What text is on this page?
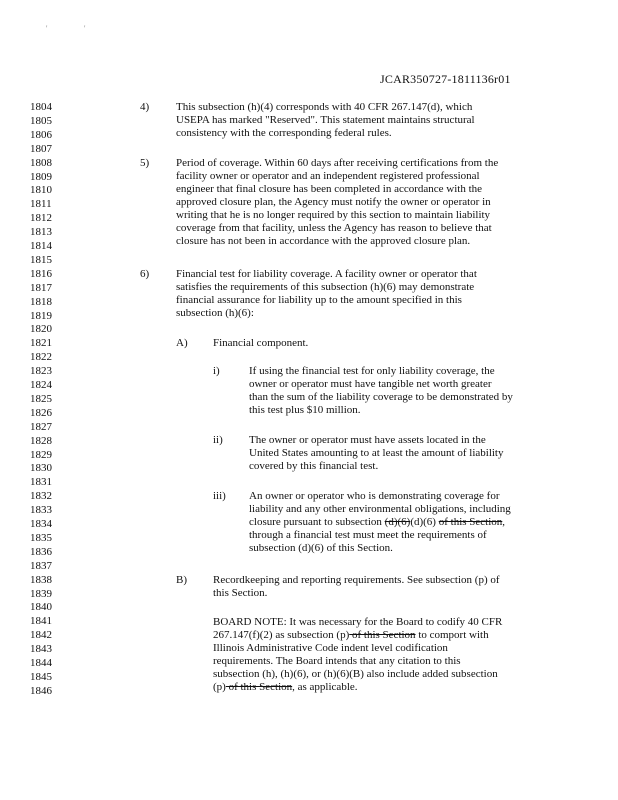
'	'
JCAR350727-1811136r01
1804
1805
1806
1807
1808
1809
1810
1811
1812
1813
1814
1815
1816
1817
1818
1819
1820
1821
1822
1823
1824
1825
1826
1827
1828
1829
1830
1831
1832
1833
1834
1835
1836
1837
1838
1839
1840
1841
1842
1843
1844
1845
1846
4) This subsection (h)(4) corresponds with 40 CFR 267.147(d), which
USEPA has marked "Reserved". This statement maintains structural
consistency with the corresponding federal rules.
5) Period of coverage. Within 60 days after receiving certifications from the
facility owner or operator and an independent registered professional
engineer that final closure has been completed in accordance with the
approved closure plan, the Agency must notify the owner or operator in
writing that he is no longer required by this section to maintain liability
coverage from that facility, unless the Agency has reason to believe that
closure has not been in accordance with the approved closure plan.
6) Financial test for liability coverage. A facility owner or operator that
satisfies the requirements of this subsection (h)(6) may demonstrate
financial assurance for liability up to the amount specified in this
subsection (h)(6):
A) Financial component.
i)	If using the financial test for only liability coverage, the
owner or operator must have tangible net worth greater
than the sum of the liability coverage to be demonstrated by
this test plus $10 million.
ii) The owner or operator must have assets located in the
United States amounting to at least the amount of liability
covered by this financial test.
iii) An owner or operator who is demonstrating coverage for
liability and any other environmental obligations, including
closure pursuant to subsection (d)(6)(d)(6) of this Section,
through a financial test must meet the requirements of
subsection (d)(6) of this Section.
B) Recordkeeping and reporting requirements. See subsection (p) of
this Section.
BOARD NOTE: It was necessary for the Board to codify 40 CFR
267.147(f)(2) as subsection (p) of this Section to comport with
Illinois Administrative Code indent level codification
requirements. The Board intends that any citation to this
subsection (h), (h)(6), or (h)(6)(B) also include added subsection
(p) of this Section, as applicable.
